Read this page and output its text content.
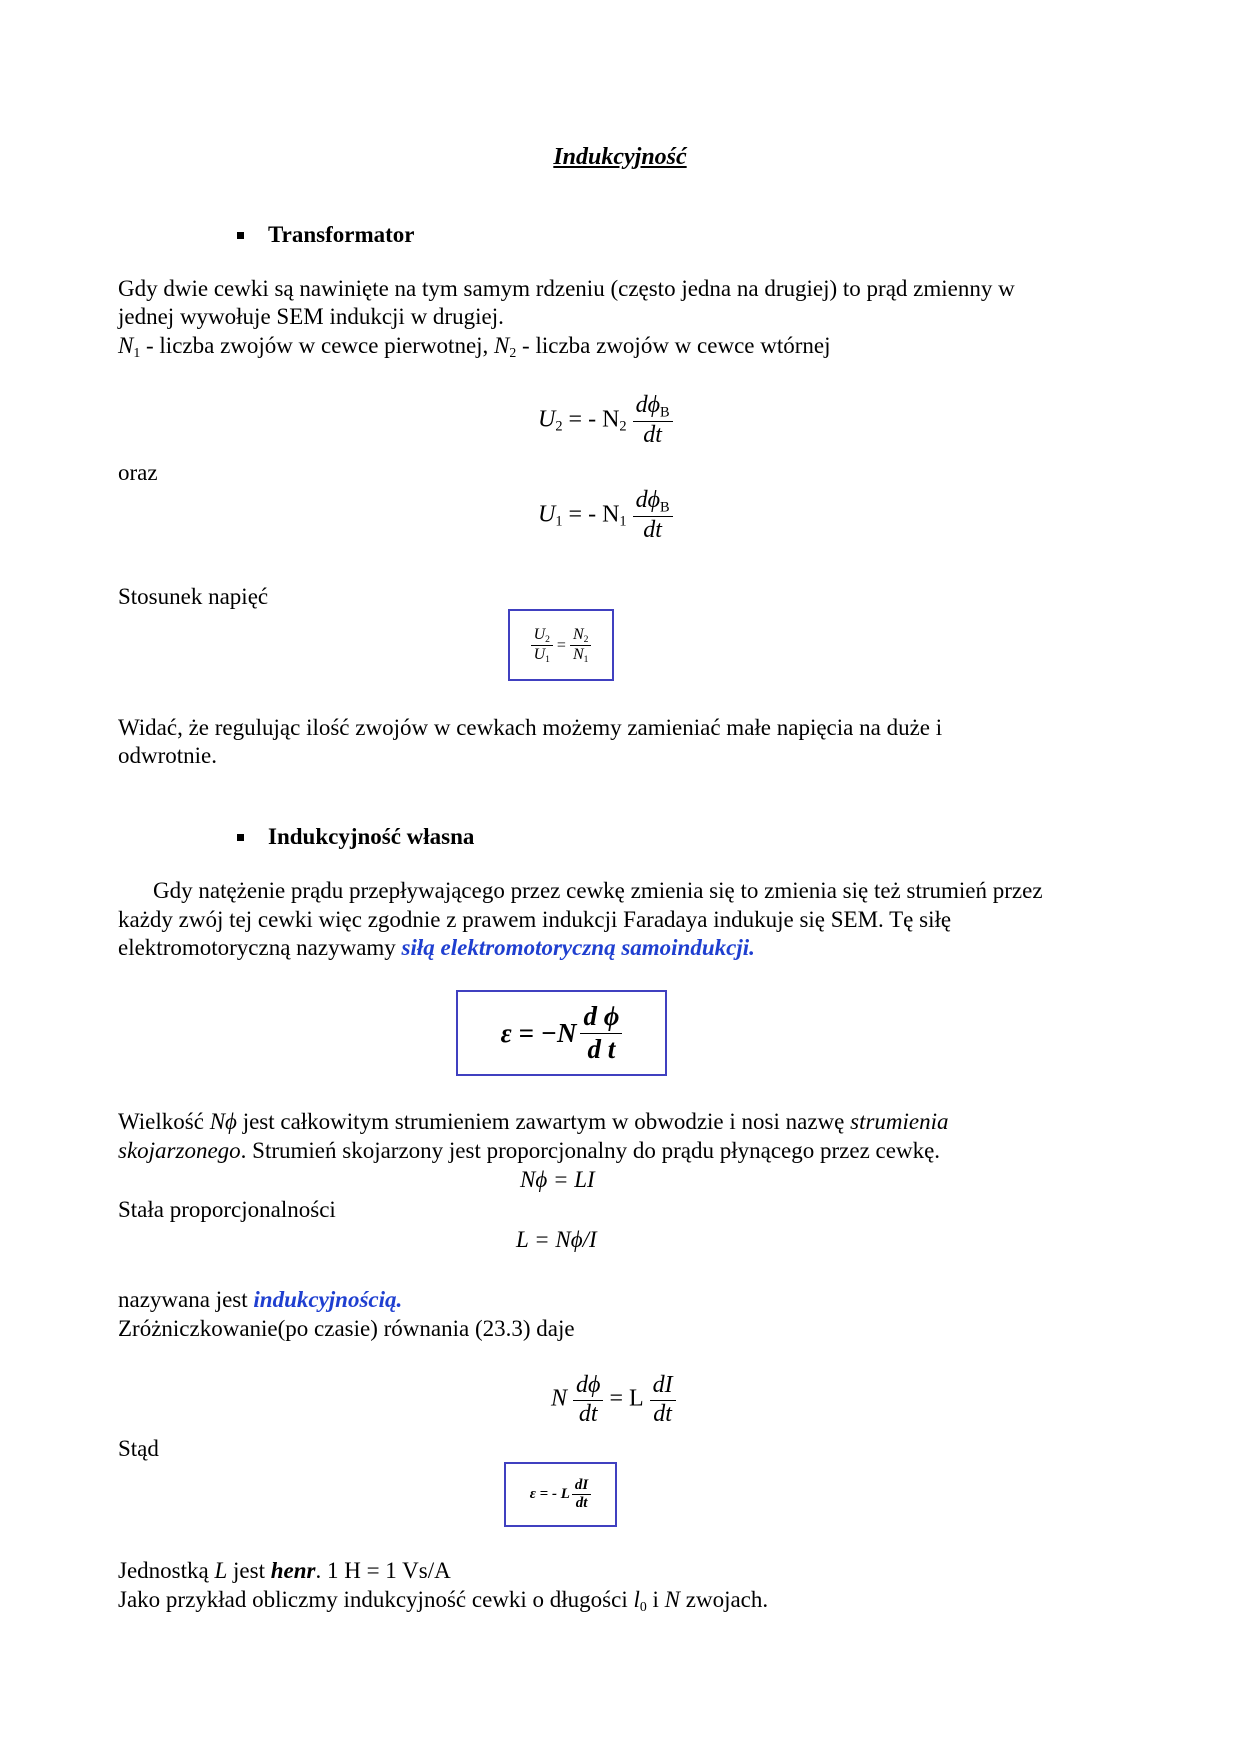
Indukcyjność
Transformator
Gdy dwie cewki są nawinięte na tym samym rdzeniu (często jedna na drugiej) to prąd zmienny w
jednej wywołuje SEM indukcji w drugiej.
$N_1$ - liczba zwojów w cewce pierwotnej, $N_2$ - liczba zwojów w cewce wtórnej
$U_2$ = - $N_2 \frac{d\phi_B}{dt}$
oraz
$U_1$ = - $N_1 \frac{d\phi_B}{dt}$
Stosunek napięć
$\frac{U_2}{U_1} = \frac{N_2}{N_1}$
Widać, że regulując ilość zwojów w cewkach możemy zamieniać małe napięcia na duże i
odwrotnie.
Indukcyjność własna
Gdy natężenie prądu przepływającego przez cewkę zmienia się to zmienia się też strumień przez
każdy zwój tej cewki więc zgodnie z prawem indukcji Faradaya indukuje się SEM. Tę siłę
elektromotoryczną nazywamy siłą elektromotoryczną samoindukcji.
$\varepsilon = -N \frac{\text{d ϕ}}{\text{d t}}$
Wielkość Nϕ jest całkowitym strumieniem zawartym w obwodzie i nosi nazwę strumienia
skojarzonego. Strumień skojarzony jest proporcjonalny do prądu płynącego przez cewkę.
Nϕ = LI
Stała proporcjonalności
L = Nϕ/I
nazywana jest indukcyjnością.
Zróżniczkowanie(po czasie) równania (23.3) daje
N $\frac{d\phi}{dt} = L \frac{dI}{dt}$
Stąd
ε = - L $\frac{dI}{dt}$
Jednostką L jest henr. 1 H = 1 Vs/A
Jako przykład obliczmy indukcyjność cewki o długości $l_0$ i N zwojach.
